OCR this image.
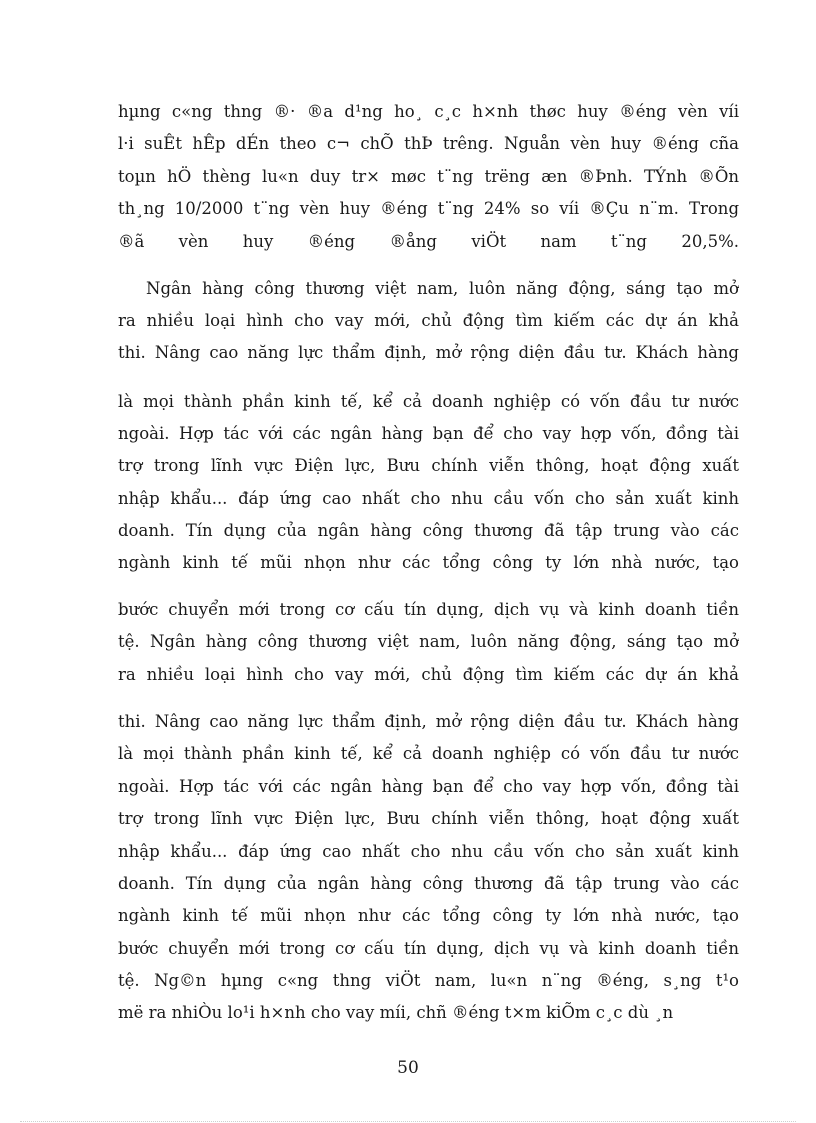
hµng c«ng thng ®· ®a d¹ng ho¸ c¸c h×nh thøc huy ®éng vèn víi
l·i suÊt hÊp dÉn theo c¬ chÕ thÞ trêng. Nguån vèn huy ®éng cña
toµn hÖ thèng lu«n duy tr× møc t¨ng trëng æn ®Þnh. TÝnh ®Õn
th¸ng 10/2000 t¨ng vèn huy ®éng t¨ng 24% so víi ®Çu n¨m. Trong
®ã vèn huy ®éng ®ång viÖt nam t¨ng 20,5%.
Ngân hàng công thương việt nam, luôn năng động, sáng tạo mở
ra nhiều loại hình cho vay mới, chủ động tìm kiếm các dự án khả
thi. Nâng cao năng lực thẩm định, mở rộng diện đầu tư. Khách hàng
là mọi thành phần kinh tế, kể cả doanh nghiệp có vốn đầu tư nước
ngoài. Hợp tác với các ngân hàng bạn để cho vay hợp vốn, đồng tài
trợ trong lĩnh vực Điện lực, Bưu chính viễn thông, hoạt động xuất
nhập khẩu... đáp ứng cao nhất cho nhu cầu vốn cho sản xuất kinh
doanh. Tín dụng của ngân hàng công thương đã tập trung vào các
ngành kinh tế mũi nhọn như các tổng công ty lớn nhà nước, tạo
bước chuyển mới trong cơ cấu tín dụng, dịch vụ và kinh doanh tiền
tệ. Ngân hàng công thương việt nam, luôn năng động, sáng tạo mở
ra nhiều loại hình cho vay mới, chủ động tìm kiếm các dự án khả
thi. Nâng cao năng lực thẩm định, mở rộng diện đầu tư. Khách hàng
là mọi thành phần kinh tế, kể cả doanh nghiệp có vốn đầu tư nước
ngoài. Hợp tác với các ngân hàng bạn để cho vay hợp vốn, đồng tài
trợ trong lĩnh vực Điện lực, Bưu chính viễn thông, hoạt động xuất
nhập khẩu... đáp ứng cao nhất cho nhu cầu vốn cho sản xuất kinh
doanh. Tín dụng của ngân hàng công thương đã tập trung vào các
ngành kinh tế mũi nhọn như các tổng công ty lớn nhà nước, tạo
bước chuyển mới trong cơ cấu tín dụng, dịch vụ và kinh doanh tiền
tệ. Ng©n hµng c«ng thng viÖt nam, lu«n n¨ng ®éng, s¸ng t¹o
më ra nhiÒu lo¹i h×nh cho vay míi, chñ ®éng t×m kiÕm c¸c dù ¸n
50
